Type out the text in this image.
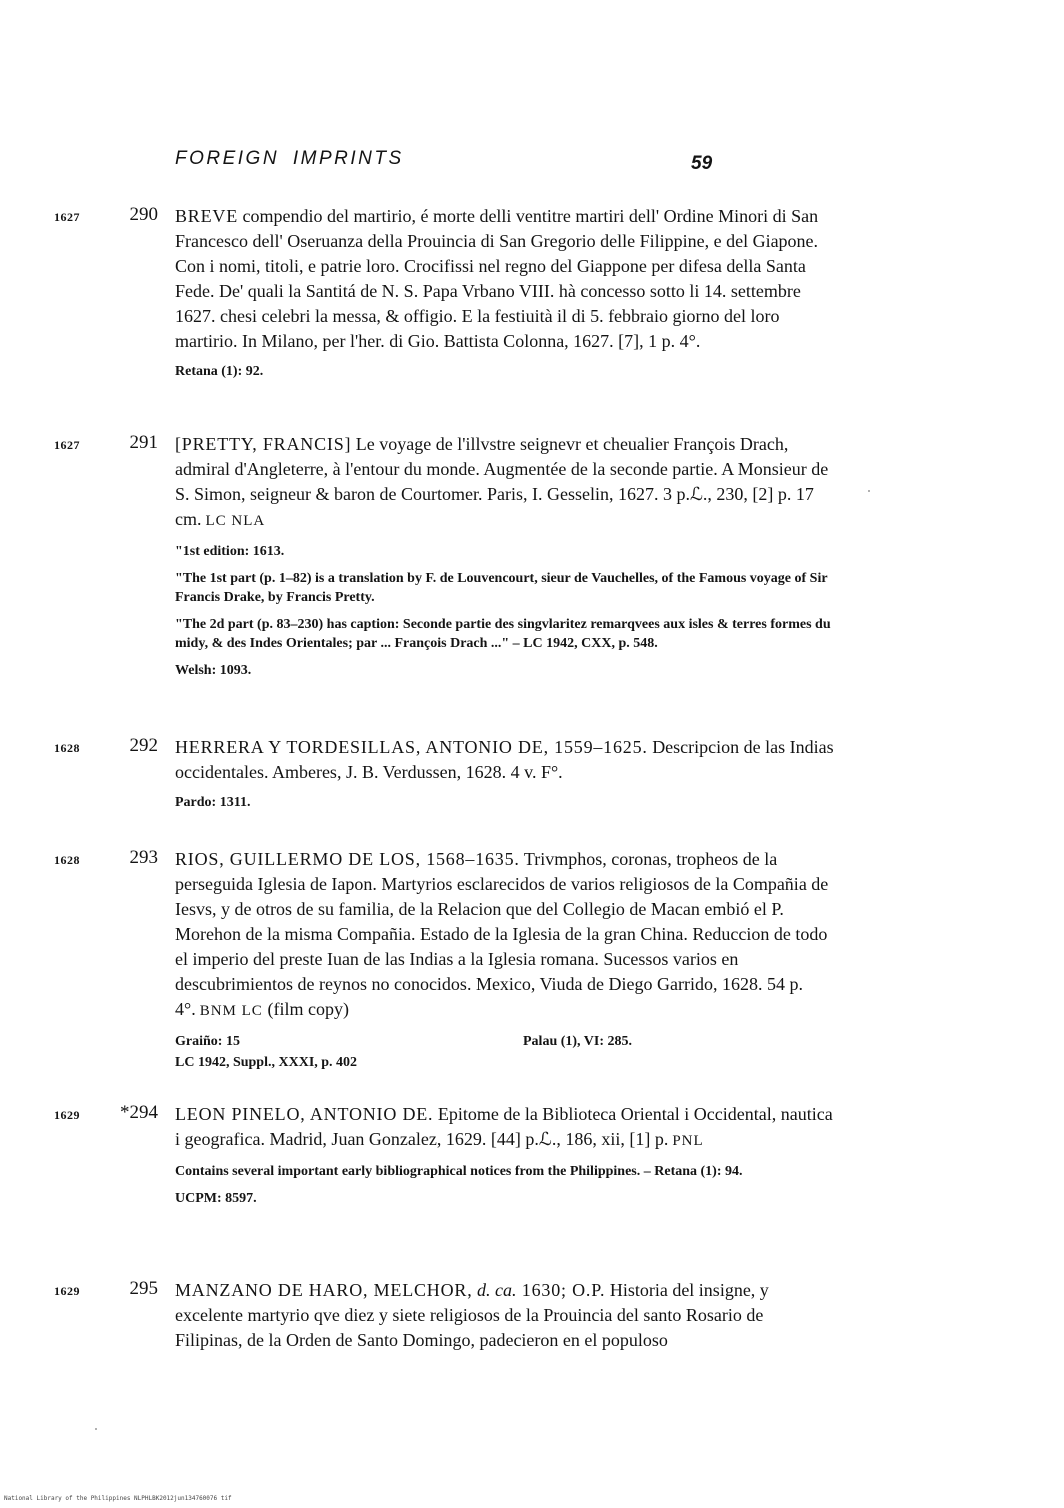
FOREIGN IMPRINTS	59
1627	290 BREVE compendio del martirio, é morte delli ventitre martiri dell' Ordine Minori di San Francesco dell' Oseruanza della Prouincia di San Gregorio delle Filippine, e del Giapone. Con i nomi, titoli, e patrie loro. Crocifissi nel regno del Giappone per difesa della Santa Fede. De' quali la Santitá de N. S. Papa Vrbano VIII. hà concesso sotto li 14. settembre 1627. chesi celebri la messa, & offigio. E la festiuità il di 5. febbraio giorno del loro martirio. In Milano, per l'her. di Gio. Battista Colonna, 1627. [7], 1 p. 4°.

Retana (1): 92.

1627	291 [PRETTY, FRANCIS] Le voyage de l'illvstre seignevr et cheualier François Drach, admiral d'Angleterre, à l'entour du monde. Augmentée de la seconde partie. A Monsieur de S. Simon, seigneur & baron de Courtomer. Paris, I. Gesselin, 1627. 3 p.ℒ., 230, [2] p. 17 cm. LC NLA

"1st edition: 1613.

"The 1st part (p. 1–82) is a translation by F. de Louvencourt, sieur de Vauchelles, of the Famous voyage of Sir Francis Drake, by Francis Pretty.

"The 2d part (p. 83–230) has caption: Seconde partie des singvlaritez remarqvees aux isles & terres formes du midy, & des Indes Orientales; par ... François Drach ..." – LC 1942, CXX, p. 548.

Welsh: 1093.

1628	292 HERRERA Y TORDESILLAS, ANTONIO DE, 1559–1625. Descripcion de las Indias occidentales. Amberes, J. B. Verdussen, 1628. 4 v. F°.

Pardo: 1311.

1628	293 RIOS, GUILLERMO DE LOS, 1568–1635. Trivmphos, coronas, tropheos de la perseguida Iglesia de Iapon. Martyrios esclarecidos de varios religiosos de la Compañia de Iesvs, y de otros de su familia, de la Relacion que del Collegio de Macan embió el P. Morehon de la misma Compañia. Estado de la Iglesia de la gran China. Reduccion de todo el imperio del preste Iuan de las Indias a la Iglesia romana. Sucessos varios en descubrimientos de reynos no conocidos. Mexico, Viuda de Diego Garrido, 1628. 54 p. 4°. BNM LC (film copy)

Graiño: 15	Palau (1), VI: 285.

LC 1942, Suppl., XXXI, p. 402

1629 *294 LEON PINELO, ANTONIO DE. Epitome de la Biblioteca Oriental i Occidental, nautica i geografica. Madrid, Juan Gonzalez, 1629. [44] p.ℒ., 186, xii, [1] p. PNL

Contains several important early bibliographical notices from the Philippines. – Retana (1): 94.

UCPM: 8597.

1629	295 MANZANO DE HARO, MELCHOR, d. ca. 1630; O.P. Historia del insigne, y excelente martyrio qve diez y siete religiosos de la Prouincia del santo Rosario de Filipinas, de la Orden de Santo Domingo, padecieron en el populoso

National Library of the Philippines NLPHLBK2012jun134760076 tif
